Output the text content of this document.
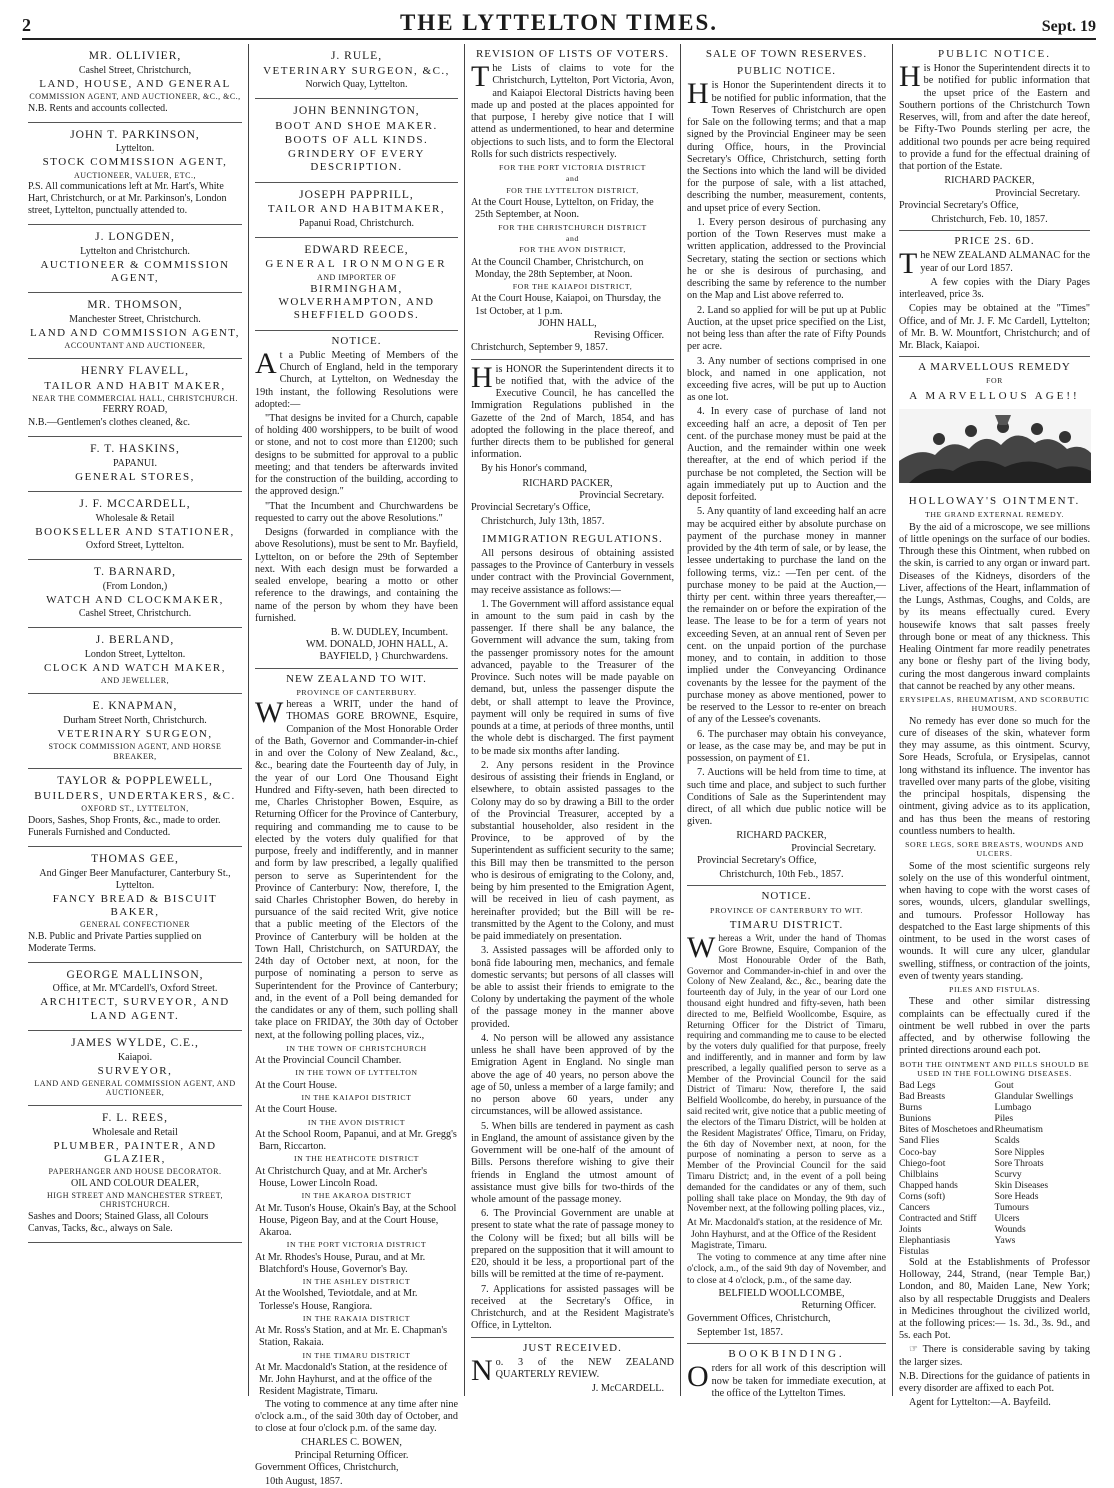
2	THE LYTTELTON TIMES.	Sept. 19

MR. OLLIVIER,

Cashel Street, Christchurch,

LAND, HOUSE, AND GENERAL

COMMISSION AGENT, AND AUCTIONEER, &C., &C.,

N.B. Rents and accounts collected.

JOHN T. PARKINSON,

Lyttelton.

STOCK COMMISSION AGENT,

AUCTIONEER, VALUER, ETC.,

P.S. All communications left at Mr. Hart's, White Hart, Christchurch, or at Mr. Parkinson's, London street, Lyttelton, punctually attended to.

J. LONGDEN,

Lyttelton and Christchurch.

AUCTIONEER & COMMISSION AGENT,

MR. THOMSON,

Manchester Street, Christchurch.

LAND AND COMMISSION AGENT,

ACCOUNTANT AND AUCTIONEER,

HENRY FLAVELL,

TAILOR AND HABIT MAKER,

NEAR THE COMMERCIAL HALL, CHRISTCHURCH.

FERRY ROAD,

N.B.—Gentlemen's clothes cleaned, &c.

F. T. HASKINS,

PAPANUI.

GENERAL STORES,

J. F. MCCARDELL,

Wholesale & Retail

BOOKSELLER AND STATIONER,

Oxford Street, Lyttelton.

T. BARNARD,

(From London,)

WATCH AND CLOCKMAKER,

Cashel Street, Christchurch.

J. BERLAND,

London Street, Lyttelton.

CLOCK AND WATCH MAKER,

AND JEWELLER,

E. KNAPMAN,

Durham Street North, Christchurch.

VETERINARY SURGEON,

STOCK COMMISSION AGENT, AND HORSE BREAKER,

TAYLOR & POPPLEWELL,

BUILDERS, UNDERTAKERS, &C.

OXFORD ST., LYTTELTON,

Doors, Sashes, Shop Fronts, &c., made to order. Funerals Furnished and Conducted.

THOMAS GEE,

And Ginger Beer Manufacturer, Canterbury St., Lyttelton.

FANCY BREAD & BISCUIT BAKER,

GENERAL CONFECTIONER

N.B. Public and Private Parties supplied on Moderate Terms.

GEORGE MALLINSON,

Office, at Mr. M'Cardell's, Oxford Street.

ARCHITECT, SURVEYOR, AND LAND AGENT.

JAMES WYLDE, C.E.,

Kaiapoi.

SURVEYOR,

LAND AND GENERAL COMMISSION AGENT, AND AUCTIONEER,

F. L. REES,

Wholesale and Retail

PLUMBER, PAINTER, AND GLAZIER,

PAPERHANGER AND HOUSE DECORATOR.

OIL AND COLOUR DEALER,

HIGH STREET AND MANCHESTER STREET, CHRISTCHURCH.

Sashes and Doors; Stained Glass, all Colours Canvas, Tacks, &c., always on Sale.

J. RULE,

VETERINARY SURGEON, &C.,

Norwich Quay, Lyttelton.

JOHN BENNINGTON,

BOOT AND SHOE MAKER.

BOOTS OF ALL KINDS.

GRINDERY OF EVERY DESCRIPTION.

JOSEPH PAPPRILL,

TAILOR AND HABITMAKER,

Papanui Road, Christchurch.

EDWARD REECE,

GENERAL IRONMONGER

AND IMPORTER OF

BIRMINGHAM, WOLVERHAMPTON, AND SHEFFIELD GOODS.

NOTICE.

At a Public Meeting of Members of the Church of England, held in the temporary Church, at Lyttelton, on Wednesday the 19th instant, the following Resolutions were adopted:—

"That designs be invited for a Church, capable of holding 400 worshippers, to be built of wood or stone, and not to cost more than £1200; such designs to be submitted for approval to a public meeting; and that tenders be afterwards invited for the construction of the building, according to the approved design."

"That the Incumbent and Churchwardens be requested to carry out the above Resolutions."

Designs (forwarded in compliance with the above Resolutions), must be sent to Mr. Bayfield, Lyttelton, on or before the 29th of September next. With each design must be forwarded a sealed envelope, bearing a motto or other reference to the drawings, and containing the name of the person by whom they have been furnished.

B. W. DUDLEY, Incumbent.

WM. DONALD, JOHN HALL, A. BAYFIELD, } Churchwardens.

NEW ZEALAND TO WIT.

PROVINCE OF CANTERBURY.

Whereas a WRIT, under the hand of THOMAS GORE BROWNE, Esquire, Companion of the Most Honorable Order of the Bath, Governor and Commander-in-chief in and over the Colony of New Zealand, &c., &c., bearing date the Fourteenth day of July, in the year of our Lord One Thousand Eight Hundred and Fifty-seven, hath been directed to me, Charles Christopher Bowen, Esquire, as Returning Officer for the Province of Canterbury, requiring and commanding me to cause to be elected by the voters duly qualified for that purpose, freely and indifferently, and in manner and form by law prescribed, a legally qualified person to serve as Superintendent for the Province of Canterbury: Now, therefore, I, the said Charles Christopher Bowen, do hereby in pursuance of the said recited Writ, give notice that a public meeting of the Electors of the Province of Canterbury will be holden at the Town Hall, Christchurch, on SATURDAY, the 24th day of October next, at noon, for the purpose of nominating a person to serve as Superintendent for the Province of Canterbury; and, in the event of a Poll being demanded for the candidates or any of them, such polling shall take place on FRIDAY, the 30th day of October next, at the following polling places, viz.,

IN THE TOWN OF CHRISTCHURCH

At the Provincial Council Chamber.

IN THE TOWN OF LYTTELTON

At the Court House.

IN THE KAIAPOI DISTRICT

At the Court House.

IN THE AVON DISTRICT

At the School Room, Papanui, and at Mr. Gregg's Barn, Riccarton.

IN THE HEATHCOTE DISTRICT

At Christchurch Quay, and at Mr. Archer's House, Lower Lincoln Road.

IN THE AKAROA DISTRICT

At Mr. Tuson's House, Okain's Bay, at the School House, Pigeon Bay, and at the Court House, Akaroa.

IN THE PORT VICTORIA DISTRICT

At Mr. Rhodes's House, Purau, and at Mr. Blatchford's House, Governor's Bay.

IN THE ASHLEY DISTRICT

At the Woolshed, Teviotdale, and at Mr. Torlesse's House, Rangiora.

IN THE RAKAIA DISTRICT

At Mr. Ross's Station, and at Mr. E. Chapman's Station, Rakaia.

IN THE TIMARU DISTRICT

At Mr. Macdonald's Station, at the residence of Mr. John Hayhurst, and at the office of the Resident Magistrate, Timaru.

The voting to commence at any time after nine o'clock a.m., of the said 30th day of October, and to close at four o'clock p.m. of the same day.

CHARLES C. BOWEN,

Principal Returning Officer.

Government Offices, Christchurch,

10th August, 1857.

REVISION OF LISTS OF VOTERS.

The Lists of claims to vote for the Christchurch, Lyttelton, Port Victoria, Avon, and Kaiapoi Electoral Districts having been made up and posted at the places appointed for that purpose, I hereby give notice that I will attend as undermentioned, to hear and determine objections to such lists, and to form the Electoral Rolls for such districts respectively.

FOR THE PORT VICTORIA DISTRICT

and

FOR THE LYTTELTON DISTRICT,

At the Court House, Lyttelton, on Friday, the 25th September, at Noon.

FOR THE CHRISTCHURCH DISTRICT

and

FOR THE AVON DISTRICT,

At the Council Chamber, Christchurch, on Monday, the 28th September, at Noon.

FOR THE KAIAPOI DISTRICT,

At the Court House, Kaiapoi, on Thursday, the 1st October, at 1 p.m.

JOHN HALL,

Revising Officer.

Christchurch, September 9, 1857.

His HONOR the Superintendent directs it to be notified that, with the advice of the Executive Council, he has cancelled the Immigration Regulations published in the Gazette of the 2nd of March, 1854, and has adopted the following in the place thereof, and further directs them to be published for general information.

By his Honor's command,

RICHARD PACKER,

Provincial Secretary.

Provincial Secretary's Office,

Christchurch, July 13th, 1857.

IMMIGRATION REGULATIONS.

All persons desirous of obtaining assisted passages to the Province of Canterbury in vessels under contract with the Provincial Government, may receive assistance as follows:—

1. The Government will afford assistance equal in amount to the sum paid in cash by the passenger. If there shall be any balance, the Government will advance the sum, taking from the passenger promissory notes for the amount advanced, payable to the Treasurer of the Province. Such notes will be made payable on demand, but, unless the passenger dispute the debt, or shall attempt to leave the Province, payment will only be required in sums of five pounds at a time, at periods of three months, until the whole debt is discharged. The first payment to be made six months after landing.

2. Any persons resident in the Province desirous of assisting their friends in England, or elsewhere, to obtain assisted passages to the Colony may do so by drawing a Bill to the order of the Provincial Treasurer, accepted by a substantial householder, also resident in the Province, to be approved of by the Superintendent as sufficient security to the same; this Bill may then be transmitted to the person who is desirous of emigrating to the Colony, and, being by him presented to the Emigration Agent, will be received in lieu of cash payment, as hereinafter provided; but the Bill will be re-transmitted by the Agent to the Colony, and must be paid immediately on presentation.

3. Assisted passages will be afforded only to bonâ fide labouring men, mechanics, and female domestic servants; but persons of all classes will be able to assist their friends to emigrate to the Colony by undertaking the payment of the whole of the passage money in the manner above provided.

4. No person will be allowed any assistance unless he shall have been approved of by the Emigration Agent in England. No single man above the age of 40 years, no person above the age of 50, unless a member of a large family; and no person above 60 years, under any circumstances, will be allowed assistance.

5. When bills are tendered in payment as cash in England, the amount of assistance given by the Government will be one-half of the amount of Bills. Persons therefore wishing to give their friends in England the utmost amount of assistance must give bills for two-thirds of the whole amount of the passage money.

6. The Provincial Government are unable at present to state what the rate of passage money to the Colony will be fixed; but all bills will be prepared on the supposition that it will amount to £20, should it be less, a proportional part of the bills will be remitted at the time of re-payment.

7. Applications for assisted passages will be received at the Secretary's Office, in Christchurch, and at the Resident Magistrate's Office, in Lyttelton.

JUST RECEIVED.

No. 3 of the NEW ZEALAND QUARTERLY REVIEW.

J. McCARDELL.

SALE OF TOWN RESERVES.

PUBLIC NOTICE.

His Honor the Superintendent directs it to be notified for public information, that the Town Reserves of Christchurch are open for Sale on the following terms; and that a map signed by the Provincial Engineer may be seen during Office, hours, in the Provincial Secretary's Office, Christchurch, setting forth the Sections into which the land will be divided for the purpose of sale, with a list attached, describing the number, measurement, contents, and upset price of every Section.

1. Every person desirous of purchasing any portion of the Town Reserves must make a written application, addressed to the Provincial Secretary, stating the section or sections which he or she is desirous of purchasing, and describing the same by reference to the number on the Map and List above referred to.

2. Land so applied for will be put up at Public Auction, at the upset price specified on the List, not being less than after the rate of Fifty Pounds per acre.

3. Any number of sections comprised in one block, and named in one application, not exceeding five acres, will be put up to Auction as one lot.

4. In every case of purchase of land not exceeding half an acre, a deposit of Ten per cent. of the purchase money must be paid at the Auction, and the remainder within one week thereafter, at the end of which period if the purchase be not completed, the Section will be again immediately put up to Auction and the deposit forfeited.

5. Any quantity of land exceeding half an acre may be acquired either by absolute purchase on payment of the purchase money in manner provided by the 4th term of sale, or by lease, the lessee undertaking to purchase the land on the following terms, viz.: —Ten per cent. of the purchase money to be paid at the Auction,—thirty per cent. within three years thereafter,—the remainder on or before the expiration of the lease. The lease to be for a term of years not exceeding Seven, at an annual rent of Seven per cent. on the unpaid portion of the purchase money, and to contain, in addition to those implied under the Conveyancing Ordinance covenants by the lessee for the payment of the purchase money as above mentioned, power to be reserved to the Lessor to re-enter on breach of any of the Lessee's covenants.

6. The purchaser may obtain his conveyance, or lease, as the case may be, and may be put in possession, on payment of £1.

7. Auctions will be held from time to time, at such time and place, and subject to such further Conditions of Sale as the Superintendent may direct, of all which due public notice will be given.

RICHARD PACKER,

Provincial Secretary.

Provincial Secretary's Office,

Christchurch, 10th Feb., 1857.

NOTICE.

PROVINCE OF CANTERBURY TO WIT.

TIMARU DISTRICT.

Whereas a Writ, under the hand of Thomas Gore Browne, Esquire, Companion of the Most Honourable Order of the Bath, Governor and Commander-in-chief in and over the Colony of New Zealand, &c., &c., bearing date the fourteenth day of July, in the year of our Lord one thousand eight hundred and fifty-seven, hath been directed to me, Belfield Woollcombe, Esquire, as Returning Officer for the District of Timaru, requiring and commanding me to cause to be elected by the voters duly qualified for that purpose, freely and indifferently, and in manner and form by law prescribed, a legally qualified person to serve as a Member of the Provincial Council for the said District of Timaru: Now, therefore I, the said Belfield Woollcombe, do hereby, in pursuance of the said recited writ, give notice that a public meeting of the electors of the Timaru District, will be holden at the Resident Magistrates' Office, Timaru, on Friday, the 6th day of November next, at noon, for the purpose of nominating a person to serve as a Member of the Provincial Council for the said Timaru District; and, in the event of a poll being demanded for the candidates or any of them, such polling shall take place on Monday, the 9th day of November next, at the following polling places, viz.,

At Mr. Macdonald's station, at the residence of Mr. John Hayhurst, and at the Office of the Resident Magistrate, Timaru.

The voting to commence at any time after nine o'clock, a.m., of the said 9th day of November, and to close at 4 o'clock, p.m., of the same day.

BELFIELD WOOLLCOMBE,

Returning Officer.

Government Offices, Christchurch,

September 1st, 1857.

BOOKBINDING.

Orders for all work of this description will now be taken for immediate execution, at the office of the Lyttelton Times.

PUBLIC NOTICE.

His Honor the Superintendent directs it to be notified for public information that the upset price of the Eastern and Southern portions of the Christchurch Town Reserves, will, from and after the date hereof, be Fifty-Two Pounds sterling per acre, the additional two pounds per acre being required to provide a fund for the effectual draining of that portion of the Estate.

RICHARD PACKER,

Provincial Secretary.

Provincial Secretary's Office,

Christchurch, Feb. 10, 1857.

PRICE 2S. 6D.

The NEW ZEALAND ALMANAC for the year of our Lord 1857.

A few copies with the Diary Pages interleaved, price 3s.

Copies may be obtained at the "Times" Office, and of Mr. J. F. Mc Cardell, Lyttelton; of Mr. B. W. Mountfort, Christchurch; and of Mr. Black, Kaiapoi.

A MARVELLOUS REMEDY

FOR

A MARVELLOUS AGE!!

HOLLOWAY'S OINTMENT.

THE GRAND EXTERNAL REMEDY.

By the aid of a microscope, we see millions of little openings on the surface of our bodies. Through these this Ointment, when rubbed on the skin, is carried to any organ or inward part. Diseases of the Kidneys, disorders of the Liver, affections of the Heart, inflammation of the Lungs, Asthmas, Coughs, and Colds, are by its means effectually cured. Every housewife knows that salt passes freely through bone or meat of any thickness. This Healing Ointment far more readily penetrates any bone or fleshy part of the living body, curing the most dangerous inward complaints that cannot be reached by any other means.

ERYSIPELAS, RHEUMATISM, AND SCORBUTIC HUMOURS.

No remedy has ever done so much for the cure of diseases of the skin, whatever form they may assume, as this ointment. Scurvy, Sore Heads, Scrofula, or Erysipelas, cannot long withstand its influence. The inventor has travelled over many parts of the globe, visiting the principal hospitals, dispensing the ointment, giving advice as to its application, and has thus been the means of restoring countless numbers to health.

SORE LEGS, SORE BREASTS, WOUNDS AND ULCERS.

Some of the most scientific surgeons rely solely on the use of this wonderful ointment, when having to cope with the worst cases of sores, wounds, ulcers, glandular swellings, and tumours. Professor Holloway has despatched to the East large shipments of this ointment, to be used in the worst cases of wounds. It will cure any ulcer, glandular swelling, stiffness, or contraction of the joints, even of twenty years standing.

PILES AND FISTULAS.

These and other similar distressing complaints can be effectually cured if the ointment be well rubbed in over the parts affected, and by otherwise following the printed directions around each pot.

BOTH THE OINTMENT AND PILLS SHOULD BE USED IN THE FOLLOWING DISEASES.

Bad Legs
Bad Breasts
Burns
Bunions
Bites of Moschetoes and Sand Flies
Coco-bay
Chiego-foot
Chilblains
Chapped hands
Corns (soft)
Cancers
Contracted and Stiff Joints
Elephantiasis
Fistulas
Gout
Glandular Swellings
Lumbago
Piles
Rheumatism
Scalds
Sore Nipples
Sore Throats
Scurvy
Skin Diseases
Sore Heads
Tumours
Ulcers
Wounds
Yaws

Sold at the Establishments of Professor Holloway, 244, Strand, (near Temple Bar,) London, and 80, Maiden Lane, New York; also by all respectable Druggists and Dealers in Medicines throughout the civilized world, at the following prices:— 1s. 3d., 3s. 9d., and 5s. each Pot.

☞ There is considerable saving by taking the larger sizes.

N.B. Directions for the guidance of patients in every disorder are affixed to each Pot.

Agent for Lyttelton:—A. Bayfeild.
